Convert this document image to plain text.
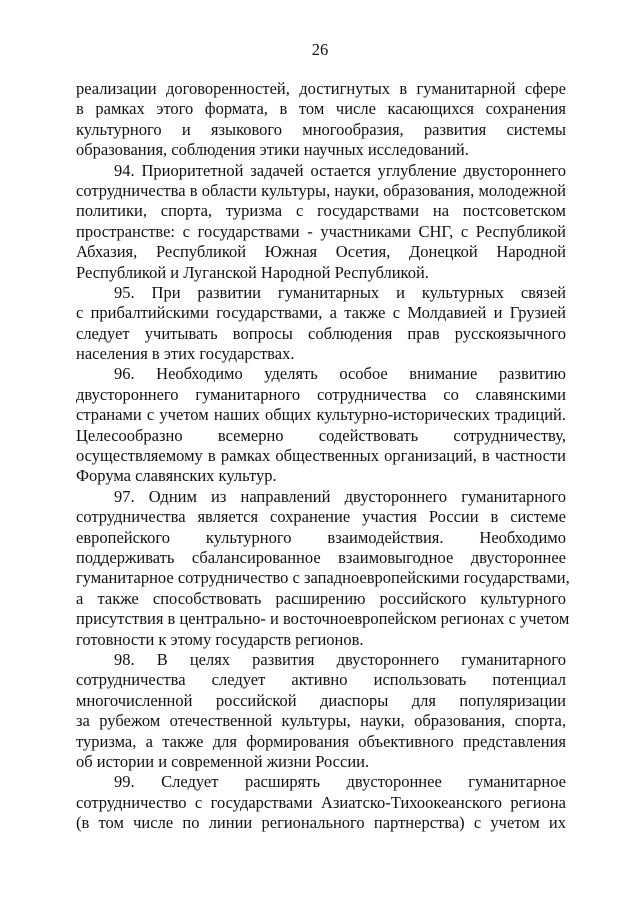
26
реализации договоренностей, достигнутых в гуманитарной сфере
в рамках этого формата, в том числе касающихся сохранения
культурного и языкового многообразия, развития системы
образования, соблюдения этики научных исследований.
94. Приоритетной задачей остается углубление двустороннего
сотрудничества в области культуры, науки, образования, молодежной
политики, спорта, туризма с государствами на постсоветском
пространстве: с государствами - участниками СНГ, с Республикой
Абхазия, Республикой Южная Осетия, Донецкой Народной
Республикой и Луганской Народной Республикой.
95. При развитии гуманитарных и культурных связей
с прибалтийскими государствами, а также с Молдавией и Грузией
следует учитывать вопросы соблюдения прав русскоязычного
населения в этих государствах.
96. Необходимо уделять особое внимание развитию
двустороннего гуманитарного сотрудничества со славянскими
странами с учетом наших общих культурно-исторических традиций.
Целесообразно всемерно содействовать сотрудничеству,
осуществляемому в рамках общественных организаций, в частности
Форума славянских культур.
97. Одним из направлений двустороннего гуманитарного
сотрудничества является сохранение участия России в системе
европейского культурного взаимодействия. Необходимо
поддерживать сбалансированное взаимовыгодное двустороннее
гуманитарное сотрудничество с западноевропейскими государствами,
а также способствовать расширению российского культурного
присутствия в центрально- и восточноевропейском регионах с учетом
готовности к этому государств регионов.
98. В целях развития двустороннего гуманитарного
сотрудничества следует активно использовать потенциал
многочисленной российской диаспоры для популяризации
за рубежом отечественной культуры, науки, образования, спорта,
туризма, а также для формирования объективного представления
об истории и современной жизни России.
99. Следует расширять двустороннее гуманитарное
сотрудничество с государствами Азиатско-Тихоокеанского региона
(в том числе по линии регионального партнерства) с учетом их
